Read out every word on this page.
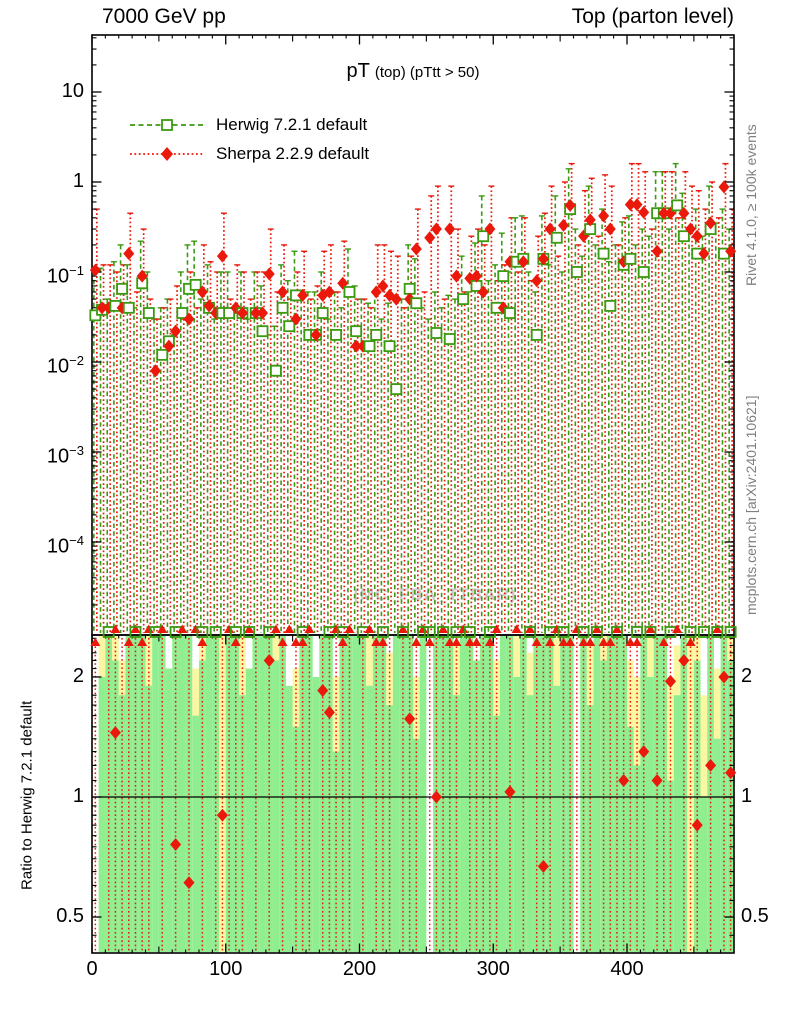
(MC_FBA_TTBAR)
7000 GeV pp	Top (parton level)
pT (top) (pTtt > 50)
Herwig 7.2.1 default
Sherpa 2.2.9 default	Rivet 4.1.0, ≥ 100k events
mcplots.cern.ch [arXiv:2401.10621]
Ratio to Herwig 7.2.1 default
10
1
$10^{-1}$
$10^{-2}$
$10^{-3}$
$10^{-4}$
2	2
1	1
0.5	0.5
0	100	200	300	400
